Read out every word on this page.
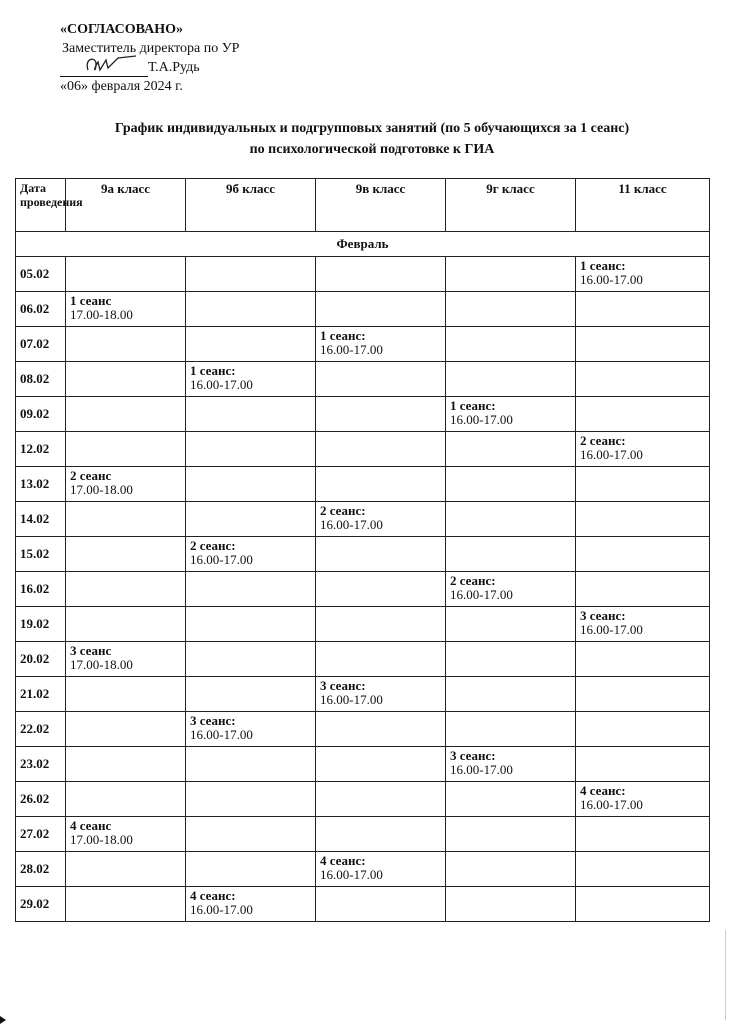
«СОГЛАСОВАНО»
Заместитель директора по УР
Т.А.Рудь
«06» февраля 2024 г.
График индивидуальных и подгрупповых занятий (по 5 обучающихся за 1 сеанс)
по психологической подготовке к ГИА
Дата проведения	9а класс	9б класс	9в класс	9г класс	11 класс
Февраль					
05.02					1 сеанс:
16.00-17.00

06.02	1 сеанс
17.00-18.00				

07.02			1 сеанс:
16.00-17.00		

08.02		1 сеанс:
16.00-17.00			

09.02				1 сеанс:
16.00-17.00	

12.02					2 сеанс:
16.00-17.00

13.02	2 сеанс
17.00-18.00				

14.02			2 сеанс:
16.00-17.00		

15.02		2 сеанс:
16.00-17.00			

16.02				2 сеанс:
16.00-17.00	

19.02					3 сеанс:
16.00-17.00

20.02	3 сеанс
17.00-18.00				

21.02			3 сеанс:
16.00-17.00		

22.02		3 сеанс:
16.00-17.00			

23.02				3 сеанс:
16.00-17.00	

26.02					4 сеанс:
16.00-17.00

27.02	4 сеанс
17.00-18.00				

28.02			4 сеанс:
16.00-17.00		

29.02		4 сеанс:
16.00-17.00			
